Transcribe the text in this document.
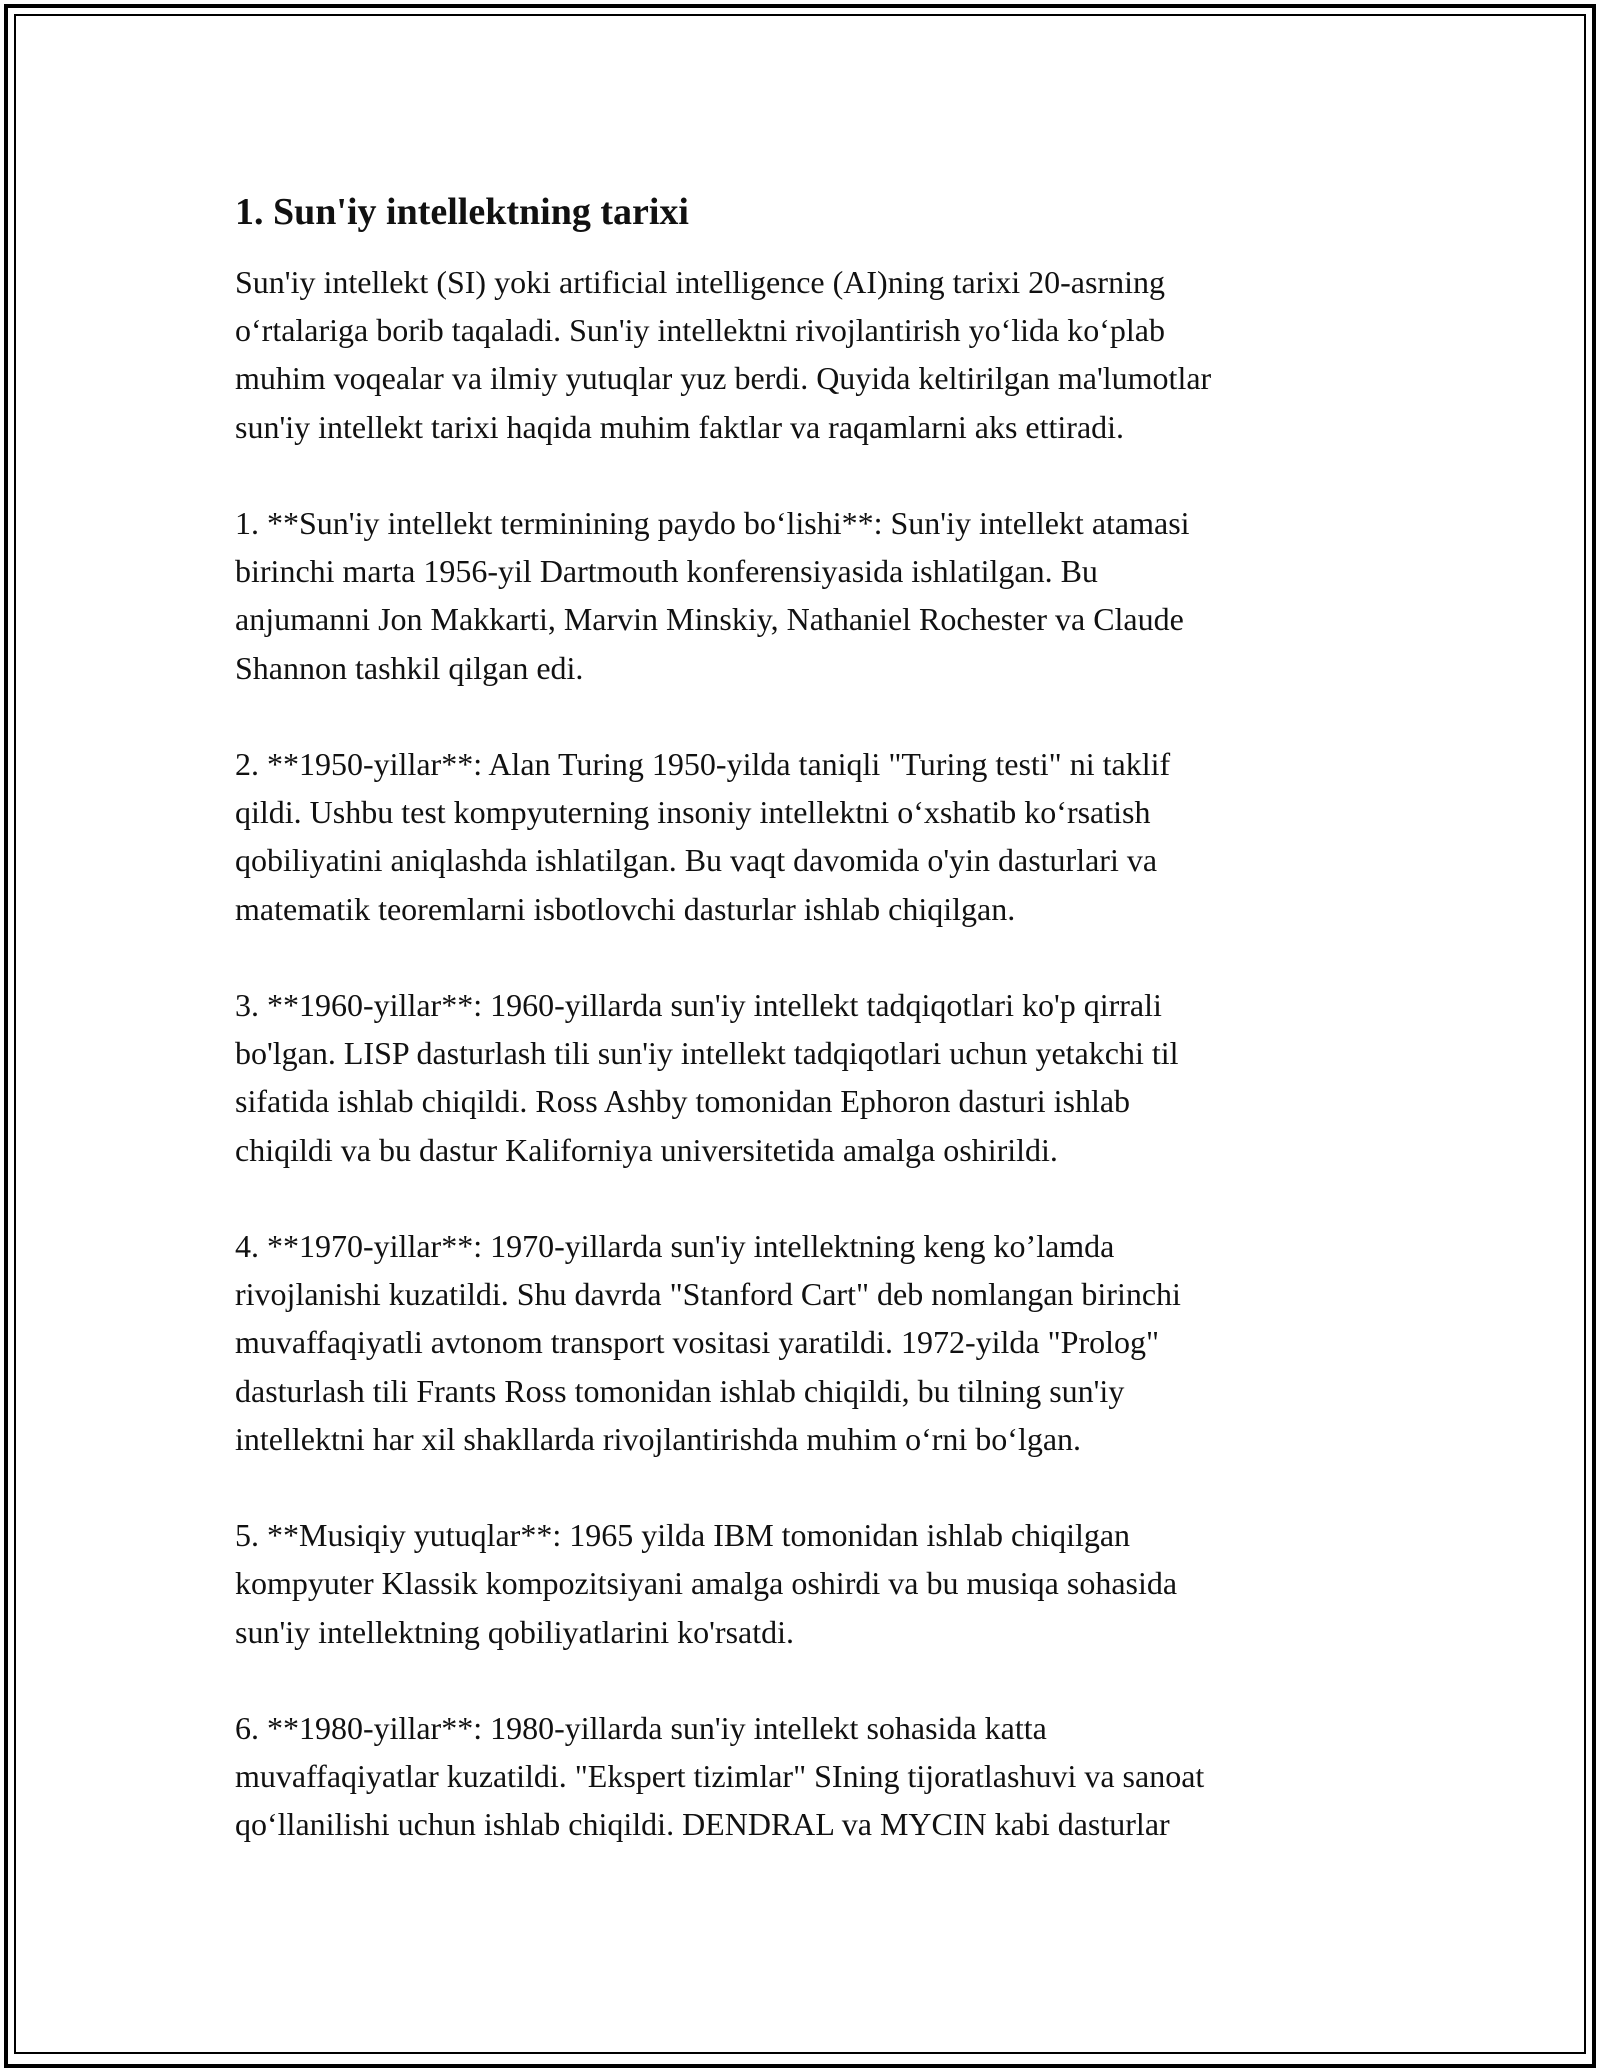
1. Sun'iy intellektning tarixi

Sun'iy intellekt (SI) yoki artificial intelligence (AI)ning tarixi 20-asrning
o‘rtalariga borib taqaladi. Sun'iy intellektni rivojlantirish yo‘lida ko‘plab
muhim voqealar va ilmiy yutuqlar yuz berdi. Quyida keltirilgan ma'lumotlar
sun'iy intellekt tarixi haqida muhim faktlar va raqamlarni aks ettiradi.

1. **Sun'iy intellekt terminining paydo bo‘lishi**: Sun'iy intellekt atamasi
birinchi marta 1956-yil Dartmouth konferensiyasida ishlatilgan. Bu
anjumanni Jon Makkarti, Marvin Minskiy, Nathaniel Rochester va Claude
Shannon tashkil qilgan edi.

2. **1950-yillar**: Alan Turing 1950-yilda taniqli "Turing testi" ni taklif
qildi. Ushbu test kompyuterning insoniy intellektni o‘xshatib ko‘rsatish
qobiliyatini aniqlashda ishlatilgan. Bu vaqt davomida o'yin dasturlari va
matematik teoremlarni isbotlovchi dasturlar ishlab chiqilgan.

3. **1960-yillar**: 1960-yillarda sun'iy intellekt tadqiqotlari ko'p qirrali
bo'lgan. LISP dasturlash tili sun'iy intellekt tadqiqotlari uchun yetakchi til
sifatida ishlab chiqildi. Ross Ashby tomonidan Ephoron dasturi ishlab
chiqildi va bu dastur Kaliforniya universitetida amalga oshirildi.

4. **1970-yillar**: 1970-yillarda sun'iy intellektning keng ko’lamda
rivojlanishi kuzatildi. Shu davrda "Stanford Cart" deb nomlangan birinchi
muvaffaqiyatli avtonom transport vositasi yaratildi. 1972-yilda "Prolog"
dasturlash tili Frants Ross tomonidan ishlab chiqildi, bu tilning sun'iy
intellektni har xil shakllarda rivojlantirishda muhim o‘rni bo‘lgan.

5. **Musiqiy yutuqlar**: 1965 yilda IBM tomonidan ishlab chiqilgan
kompyuter Klassik kompozitsiyani amalga oshirdi va bu musiqa sohasida
sun'iy intellektning qobiliyatlarini ko'rsatdi.

6. **1980-yillar**: 1980-yillarda sun'iy intellekt sohasida katta
muvaffaqiyatlar kuzatildi. "Ekspert tizimlar" SIning tijoratlashuvi va sanoat
qo‘llanilishi uchun ishlab chiqildi. DENDRAL va MYCIN kabi dasturlar
